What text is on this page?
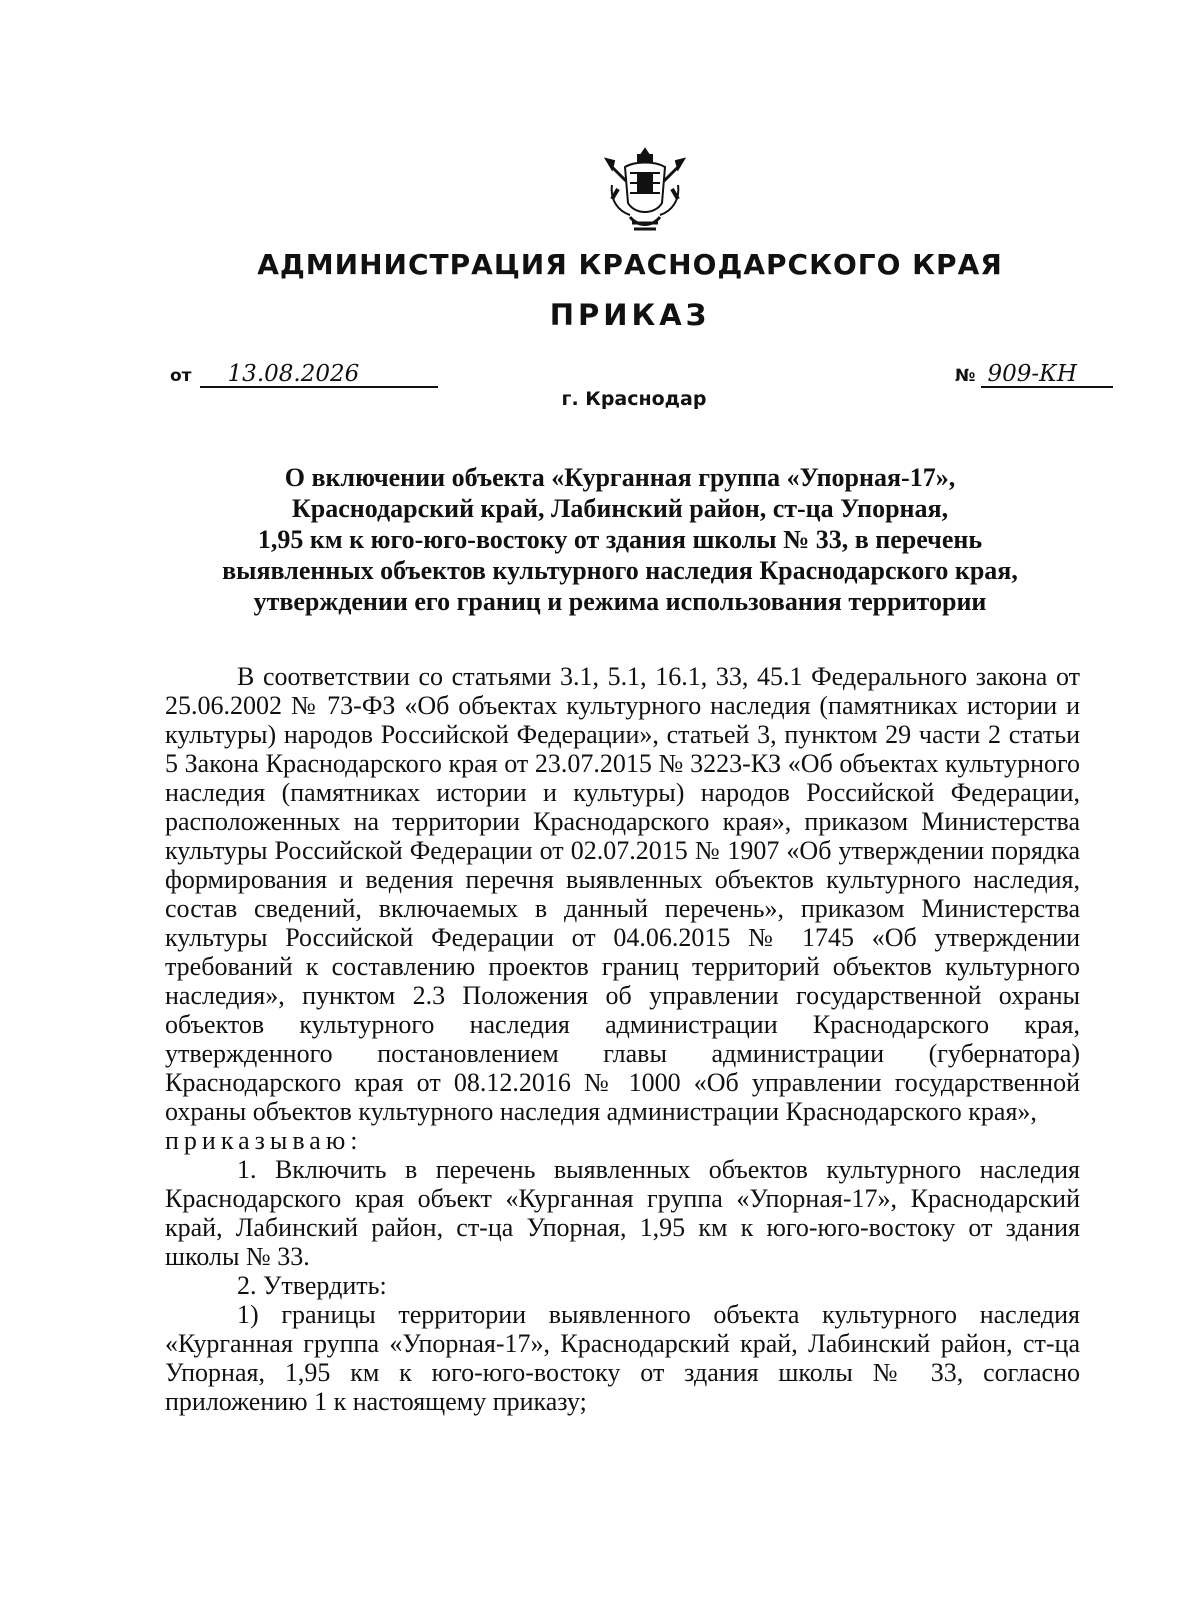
АДМИНИСТРАЦИЯ КРАСНОДАРСКОГО КРАЯ
ПРИКАЗ
от 13.08.2026	№ 909-КН
г. Краснодар
О включении объекта «Курганная группа «Упорная-17»,
Краснодарский край, Лабинский район, ст-ца Упорная,
1,95 км к юго-юго-востоку от здания школы № 33, в перечень
выявленных объектов культурного наследия Краснодарского края,
утверждении его границ и режима использования территории

В соответствии со статьями 3.1, 5.1, 16.1, 33, 45.1 Федерального закона от 25.06.2002 № 73-ФЗ «Об объектах культурного наследия (памятниках истории и культуры) народов Российской Федерации», статьей 3, пунктом 29 части 2 статьи 5 Закона Краснодарского края от 23.07.2015 № 3223-КЗ «Об объектах культурного наследия (памятниках истории и культуры) народов Российской Федерации, расположенных на территории Краснодарского края», приказом Министерства культуры Российской Федерации от 02.07.2015 № 1907 «Об утверждении порядка формирования и ведения перечня выявленных объектов культурного наследия, состав сведений, включаемых в данный перечень», приказом Министерства культуры Российской Федерации от 04.06.2015 № 1745 «Об утверждении требований к составлению проектов границ территорий объектов культурного наследия», пунктом 2.3 Положения об управлении государственной охраны объектов культурного наследия администрации Краснодарского края, утвержденного постановлением главы администрации (губернатора) Краснодарского края от 08.12.2016 № 1000 «Об управлении государственной охраны объектов культурного наследия администрации Краснодарского края»,

приказываю:

1. Включить в перечень выявленных объектов культурного наследия Краснодарского края объект «Курганная группа «Упорная-17», Краснодарский край, Лабинский район, ст-ца Упорная, 1,95 км к юго-юго-востоку от здания школы № 33.

2. Утвердить:

1) границы территории выявленного объекта культурного наследия «Курганная группа «Упорная-17», Краснодарский край, Лабинский район, ст-ца Упорная, 1,95 км к юго-юго-востоку от здания школы № 33, согласно приложению 1 к настоящему приказу;
